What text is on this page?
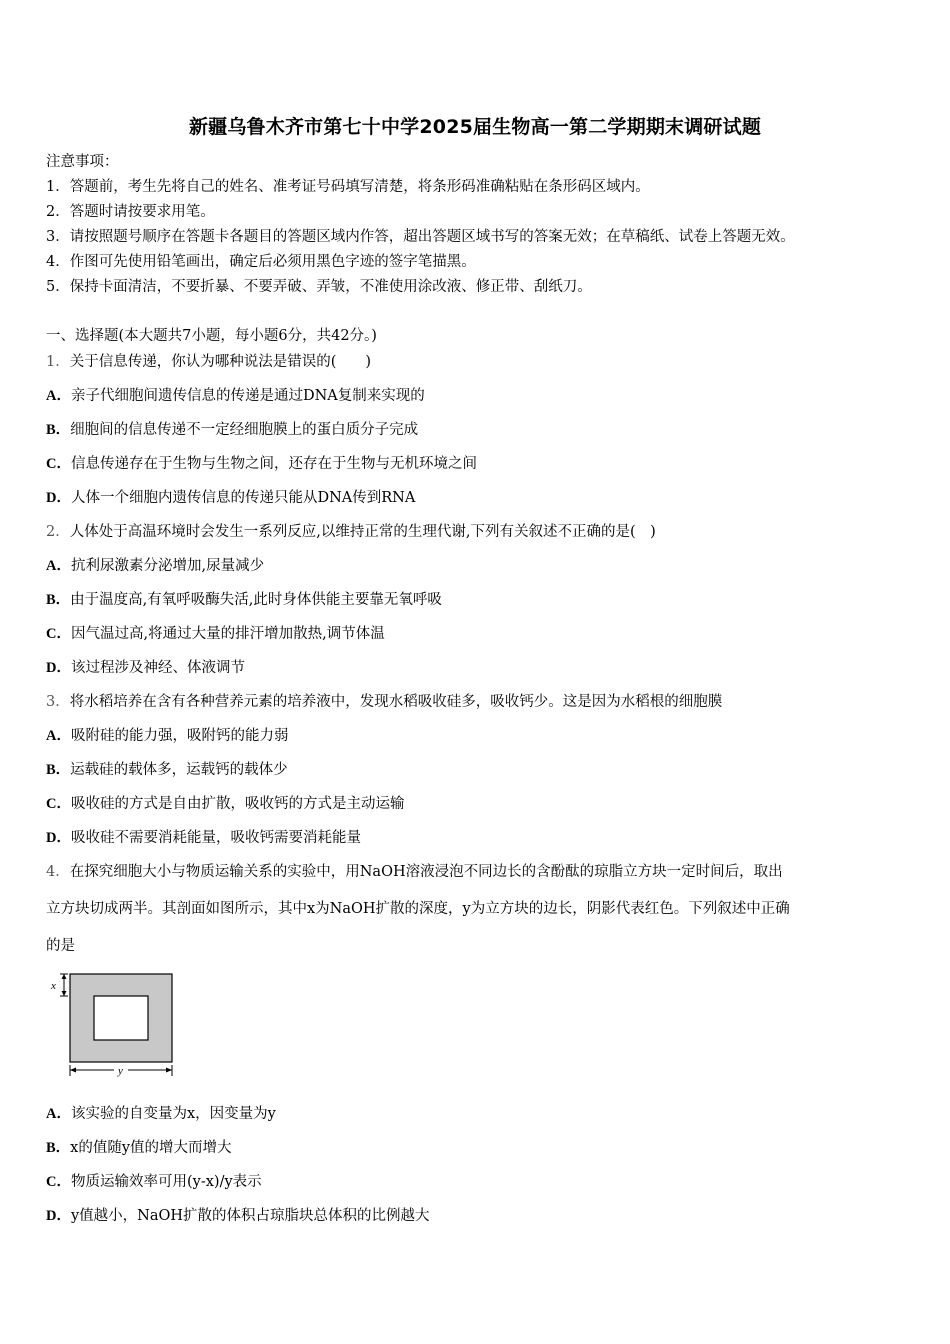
新疆乌鲁木齐市第七十中学2025届生物高一第二学期期末调研试题
注意事项：
1．答题前，考生先将自己的姓名、准考证号码填写清楚，将条形码准确粘贴在条形码区域内。
2．答题时请按要求用笔。
3．请按照题号顺序在答题卡各题目的答题区域内作答，超出答题区域书写的答案无效；在草稿纸、试卷上答题无效。
4．作图可先使用铅笔画出，确定后必须用黑色字迹的签字笔描黑。
5．保持卡面清洁，不要折暴、不要弄破、弄皱，不准使用涂改液、修正带、刮纸刀。
一、选择题(本大题共7小题，每小题6分，共42分。)
1．关于信息传递，你认为哪种说法是错误的(　　)
A．亲子代细胞间遗传信息的传递是通过DNA复制来实现的
B．细胞间的信息传递不一定经细胞膜上的蛋白质分子完成
C．信息传递存在于生物与生物之间，还存在于生物与无机环境之间
D．人体一个细胞内遗传信息的传递只能从DNA传到RNA
2．人体处于高温环境时会发生一系列反应,以维持正常的生理代谢,下列有关叙述不正确的是(　)
A．抗利尿激素分泌增加,尿量减少
B．由于温度高,有氧呼吸酶失活,此时身体供能主要靠无氧呼吸
C．因气温过高,将通过大量的排汗增加散热,调节体温
D．该过程涉及神经、体液调节
3．将水稻培养在含有各种营养元素的培养液中，发现水稻吸收硅多，吸收钙少。这是因为水稻根的细胞膜
A．吸附硅的能力强，吸附钙的能力弱
B．运载硅的载体多，运载钙的载体少
C．吸收硅的方式是自由扩散，吸收钙的方式是主动运输
D．吸收硅不需要消耗能量，吸收钙需要消耗能量
4．在探究细胞大小与物质运输关系的实验中，用NaOH溶液浸泡不同边长的含酚酞的琼脂立方块一定时间后，取出
立方块切成两半。其剖面如图所示，其中x为NaOH扩散的深度，y为立方块的边长，阴影代表红色。下列叙述中正确
的是
x
y
A．该实验的自变量为x，因变量为y
B．x的值随y值的增大而增大
C．物质运输效率可用(y-x)/y表示
D．y值越小，NaOH扩散的体积占琼脂块总体积的比例越大
